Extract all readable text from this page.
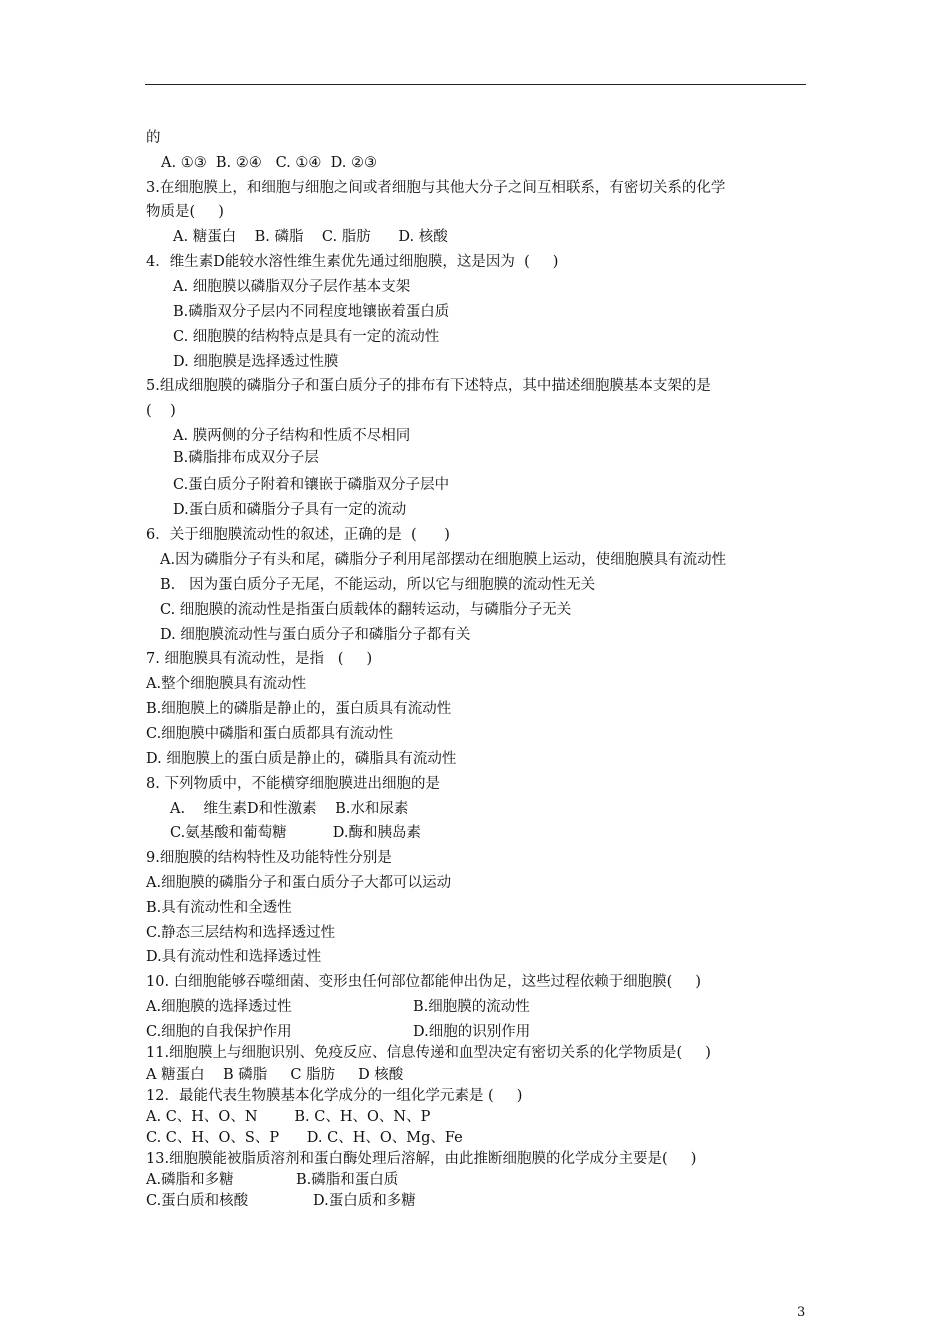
的
A. ①③  B. ②④   C. ①④  D. ②③
3.在细胞膜上，和细胞与细胞之间或者细胞与其他大分子之间互相联系，有密切关系的化学
物质是(     )
A. 糖蛋白    B. 磷脂    C. 脂肪      D. 核酸
4．维生素D能较水溶性维生素优先通过细胞膜，这是因为  (     )
A. 细胞膜以磷脂双分子层作基本支架
B.磷脂双分子层内不同程度地镶嵌着蛋白质
C. 细胞膜的结构特点是具有一定的流动性
D. 细胞膜是选择透过性膜
5.组成细胞膜的磷脂分子和蛋白质分子的排布有下述特点，其中描述细胞膜基本支架的是
(    )
A. 膜两侧的分子结构和性质不尽相同
B.磷脂排布成双分子层
C.蛋白质分子附着和镶嵌于磷脂双分子层中
D.蛋白质和磷脂分子具有一定的流动
6．关于细胞膜流动性的叙述，正确的是  (      )
A.因为磷脂分子有头和尾，磷脂分子利用尾部摆动在细胞膜上运动，使细胞膜具有流动性
B.   因为蛋白质分子无尾，不能运动，所以它与细胞膜的流动性无关
C. 细胞膜的流动性是指蛋白质载体的翻转运动，与磷脂分子无关
D. 细胞膜流动性与蛋白质分子和磷脂分子都有关
7. 细胞膜具有流动性，是指   (     )
A.整个细胞膜具有流动性
B.细胞膜上的磷脂是静止的，蛋白质具有流动性
C.细胞膜中磷脂和蛋白质都具有流动性
D. 细胞膜上的蛋白质是静止的，磷脂具有流动性
8. 下列物质中，不能横穿细胞膜进出细胞的是
A.    维生素D和性激素    B.水和尿素
C.氨基酸和葡萄糖          D.酶和胰岛素
9.细胞膜的结构特性及功能特性分别是
A.细胞膜的磷脂分子和蛋白质分子大都可以运动
B.具有流动性和全透性
C.静态三层结构和选择透过性
D.具有流动性和选择透过性
10. 白细胞能够吞噬细菌、变形虫任何部位都能伸出伪足，这些过程依赖于细胞膜(     )
A.细胞膜的选择透过性	B.细胞膜的流动性
C.细胞的自我保护作用	D.细胞的识别作用
11.细胞膜上与细胞识别、免疫反应、信息传递和血型决定有密切关系的化学物质是(     )
A 糖蛋白    B 磷脂     C 脂肪     D 核酸
12．最能代表生物膜基本化学成分的一组化学元素是 (     )
A. C、H、O、N        B. C、H、O、N、P
C. C、H、O、S、P      D. C、H、O、Mg、Fe
13.细胞膜能被脂质溶剂和蛋白酶处理后溶解，由此推断细胞膜的化学成分主要是(     )
A.磷脂和多糖	B.磷脂和蛋白质
C.蛋白质和核酸	D.蛋白质和多糖
3
